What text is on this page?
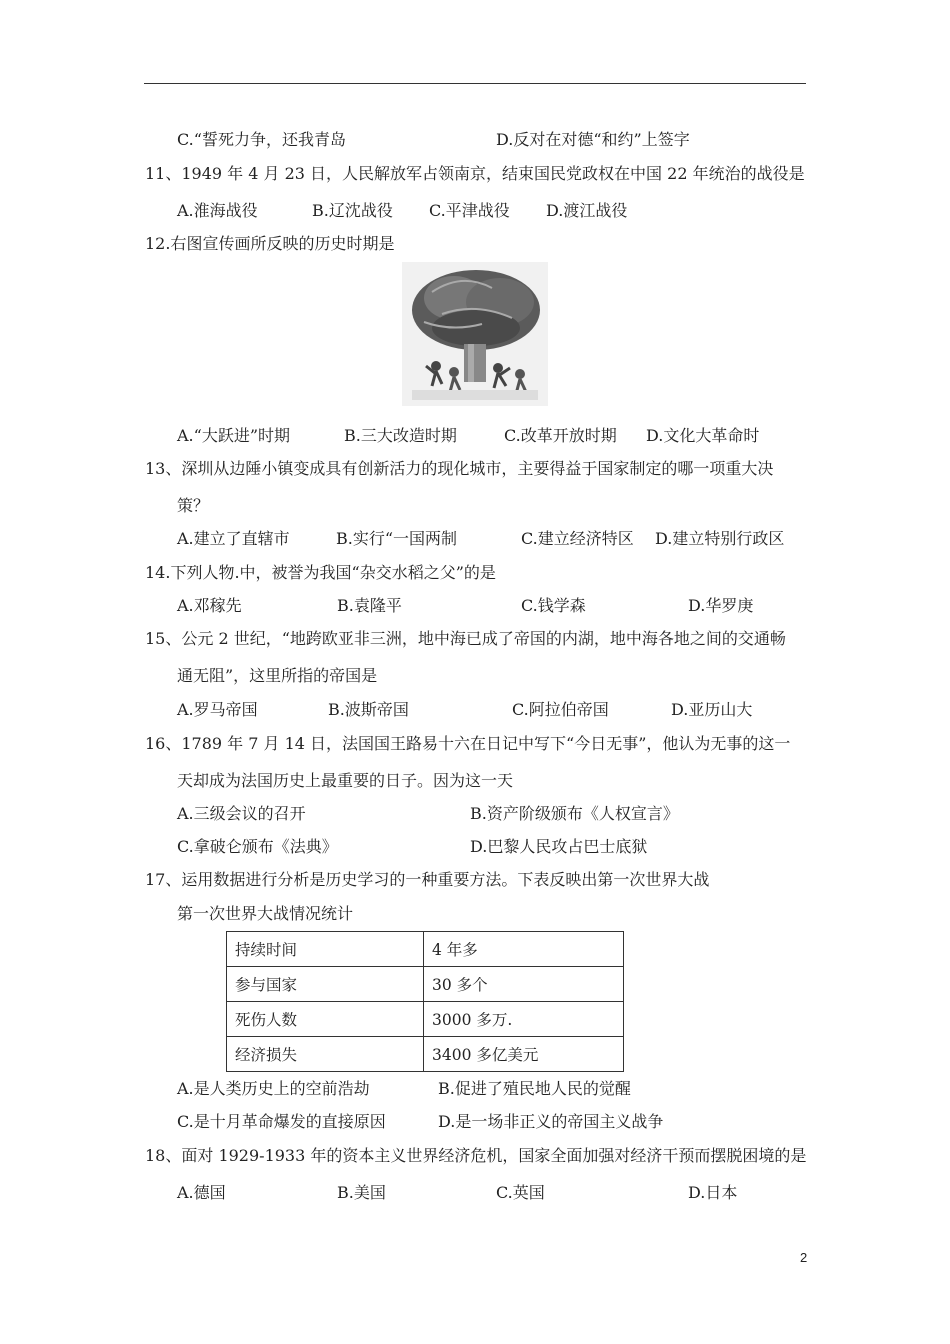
C.“誓死力争，还我青岛	D.反对在对德“和约”上签字
11、1949 年 4 月 23 日，人民解放军占领南京，结束国民党政权在中国 22 年统治的战役是
A.淮海战役	B.辽沈战役 C.平津战役 D.渡江战役
12.右图宣传画所反映的历史时期是
A.“大跃进”时期	B.三大改造时期	C.改革开放时期 D.文化大革命时
13、深圳从边陲小镇变成具有创新活力的现化城市，主要得益于国家制定的哪一项重大决
策？
A.建立了直辖市	B.实行“一国两制	C.建立经济特区 D.建立特别行政区
14.下列人物.中，被誉为我国“杂交水稻之父”的是
A.邓稼先	B.袁隆平	C.钱学森	D.华罗庚
15、公元 2 世纪，“地跨欧亚非三洲，地中海已成了帝国的内湖，地中海各地之间的交通畅
通无阻”，这里所指的帝国是
A.罗马帝国	B.波斯帝国	C.阿拉伯帝国	D.亚历山大
16、1789 年 7 月 14 日，法国国王路易十六在日记中写下“今日无事”，他认为无事的这一
天却成为法国历史上最重要的日子。因为这一天
A.三级会议的召开	B.资产阶级颁布《人权宣言》
C.拿破仑颁布《法典》	D.巴黎人民攻占巴士底狱
17、运用数据进行分析是历史学习的一种重要方法。下表反映出第一次世界大战
第一次世界大战情况统计
持续时间	4 年多
参与国家	30 多个
死伤人数	3000 多万.
经济损失	3400 多亿美元
A.是人类历史上的空前浩劫	B.促进了殖民地人民的觉醒
C.是十月革命爆发的直接原因	D.是一场非正义的帝国主义战争
18、面对 1929-1933 年的资本主义世界经济危机，国家全面加强对经济干预而摆脱困境的是
A.德国	B.美国	C.英国	D.日本
2
